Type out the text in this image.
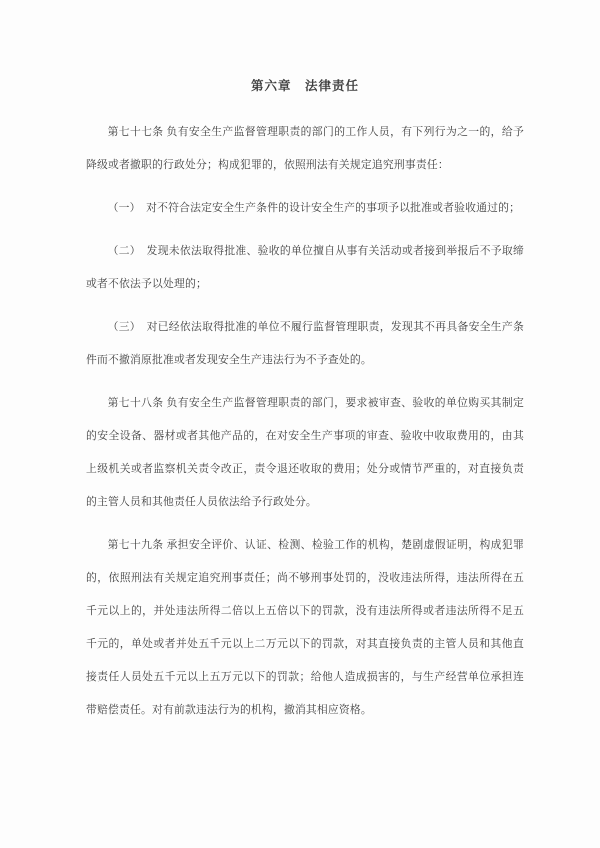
第六章　法律责任

第七十七条 负有安全生产监督管理职责的部门的工作人员，有下列行为之一的，给予降级或者撤职的行政处分；构成犯罪的，依照刑法有关规定追究刑事责任：

（一）　对不符合法定安全生产条件的设计安全生产的事项予以批准或者验收通过的；

（二）　发现未依法取得批准、验收的单位擅自从事有关活动或者接到举报后不予取缔或者不依法予以处理的；

（三）　对已经依法取得批准的单位不履行监督管理职责，发现其不再具备安全生产条件而不撤消原批准或者发现安全生产违法行为不予查处的。

第七十八条 负有安全生产监督管理职责的部门，要求被审查、验收的单位购买其制定的安全设备、器材或者其他产品的，在对安全生产事项的审查、验收中收取费用的，由其上级机关或者监察机关责令改正，责令退还收取的费用；处分或情节严重的，对直接负责的主管人员和其他责任人员依法给予行政处分。

第七十九条 承担安全评价、认证、检测、检验工作的机构，楚剧虚假证明，构成犯罪的，依照刑法有关规定追究刑事责任；尚不够刑事处罚的，没收违法所得，违法所得在五千元以上的，并处违法所得二倍以上五倍以下的罚款，没有违法所得或者违法所得不足五千元的，单处或者并处五千元以上二万元以下的罚款，对其直接负责的主管人员和其他直接责任人员处五千元以上五万元以下的罚款；给他人造成损害的，与生产经营单位承担连带赔偿责任。对有前款违法行为的机构，撤消其相应资格。
